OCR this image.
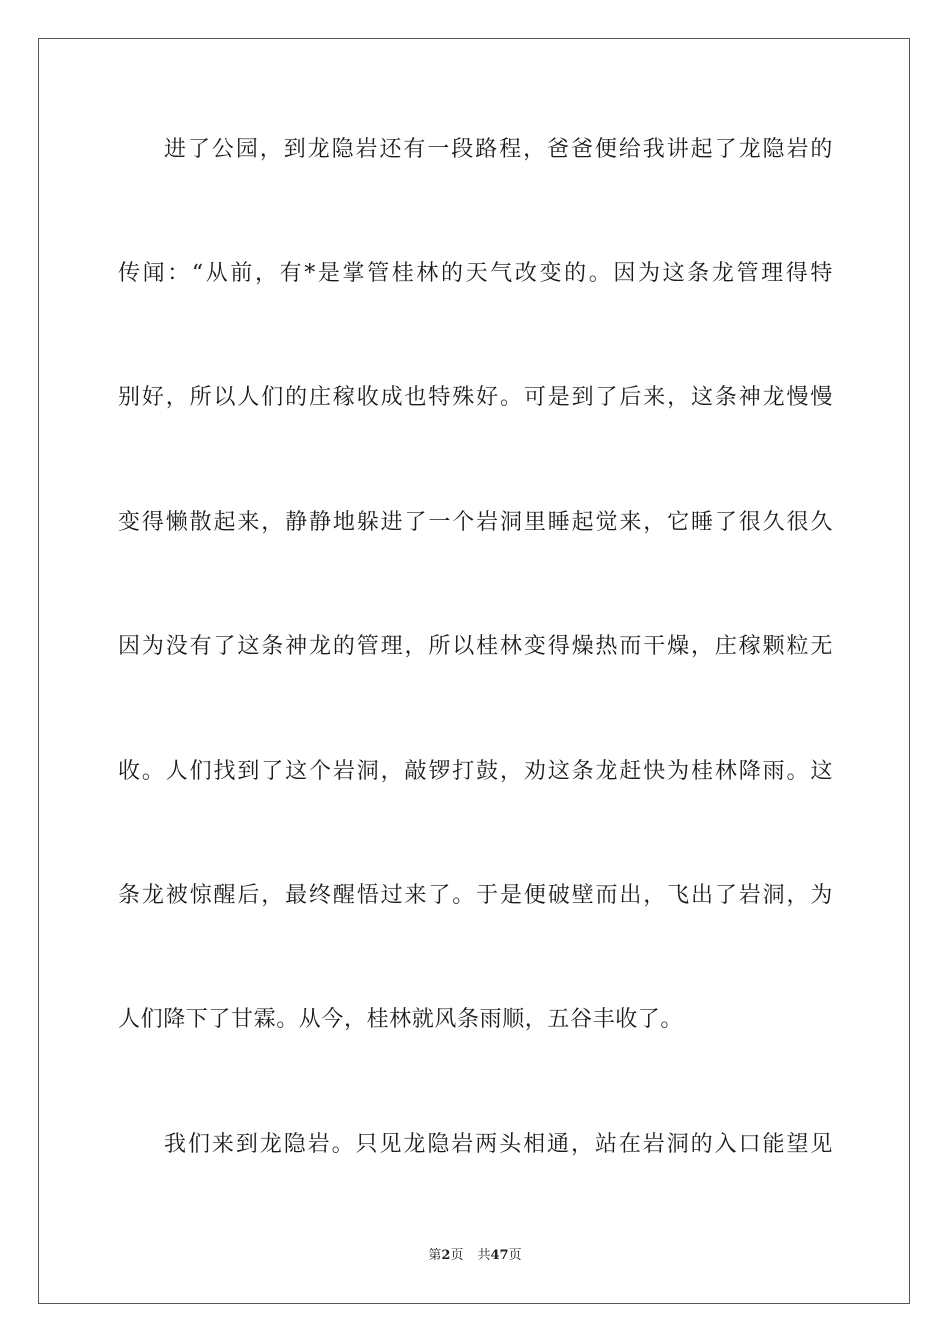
进了公园，到龙隐岩还有一段路程，爸爸便给我讲起了龙隐岩的
传闻：“从前，有*是掌管桂林的天气改变的。因为这条龙管理得特
别好，所以人们的庄稼收成也特殊好。可是到了后来，这条神龙慢慢
变得懒散起来，静静地躲进了一个岩洞里睡起觉来，它睡了很久很久
因为没有了这条神龙的管理，所以桂林变得燥热而干燥，庄稼颗粒无
收。人们找到了这个岩洞，敲锣打鼓，劝这条龙赶快为桂林降雨。这
条龙被惊醒后，最终醒悟过来了。于是便破壁而出，飞出了岩洞，为
人们降下了甘霖。从今，桂林就风条雨顺，五谷丰收了。
我们来到龙隐岩。只见龙隐岩两头相通，站在岩洞的入口能望见
第2页 共47页
